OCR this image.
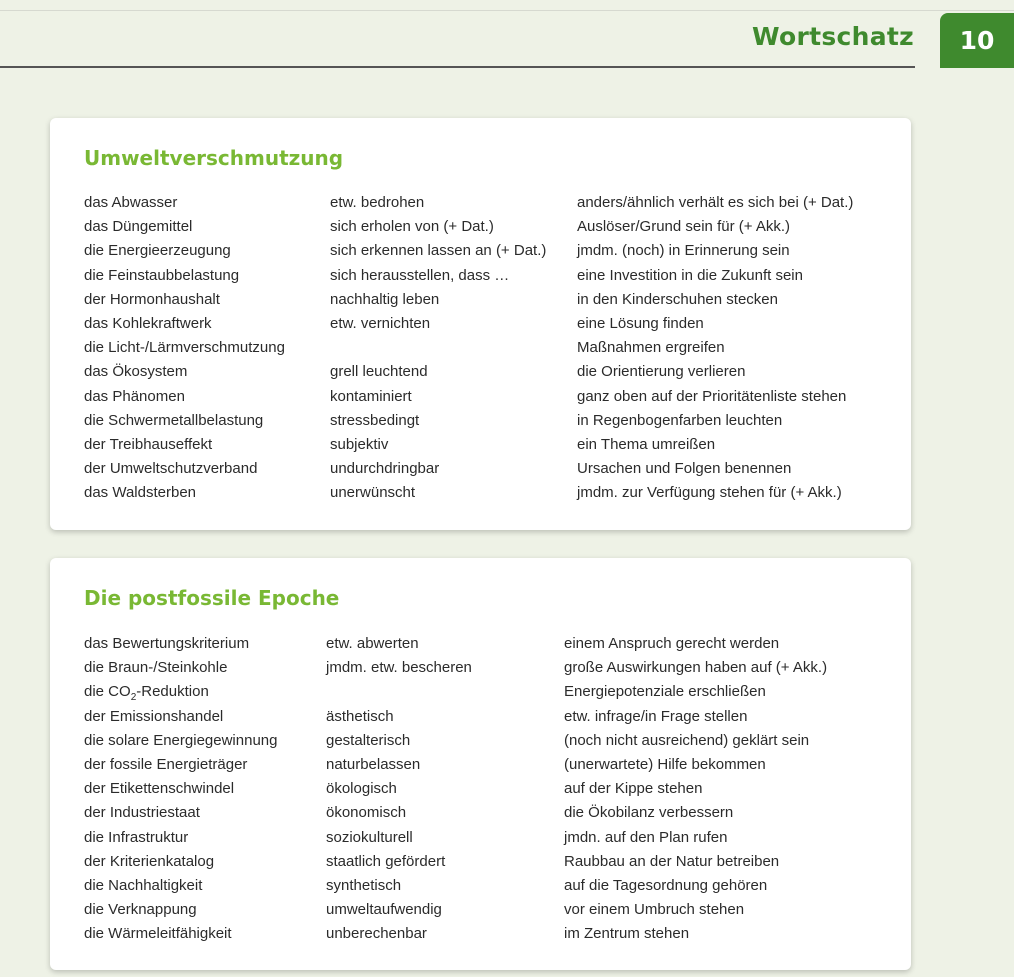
Wortschatz	10
Umweltverschmutzung
das Abwasser
das Düngemittel
die Energieerzeugung
die Feinstaubbelastung
der Hormonhaushalt
das Kohlekraftwerk
die Licht-/Lärmverschmutzung
das Ökosystem
das Phänomen
die Schwermetallbelastung
der Treibhauseffekt
der Umweltschutzverband
das Waldsterben
etw. bedrohen
sich erholen von (+ Dat.)
sich erkennen lassen an (+ Dat.)
sich herausstellen, dass …
nachhaltig leben
etw. vernichten
grell leuchtend
kontaminiert
stressbedingt
subjektiv
undurchdringbar
unerwünscht
anders/ähnlich verhält es sich bei (+ Dat.)
Auslöser/Grund sein für (+ Akk.)
jmdm. (noch) in Erinnerung sein
eine Investition in die Zukunft sein
in den Kinderschuhen stecken
eine Lösung finden
Maßnahmen ergreifen
die Orientierung verlieren
ganz oben auf der Prioritätenliste stehen
in Regenbogenfarben leuchten
ein Thema umreißen
Ursachen und Folgen benennen
jmdm. zur Verfügung stehen für (+ Akk.)
Die postfossile Epoche
das Bewertungskriterium
die Braun-/Steinkohle
die $CO_2$-Reduktion
der Emissionshandel
die solare Energiegewinnung
der fossile Energieträger
der Etikettenschwindel
der Industriestaat
die Infrastruktur
der Kriterienkatalog
die Nachhaltigkeit
die Verknappung
die Wärmeleitfähigkeit
etw. abwerten
jmdm. etw. bescheren
ästhetisch
gestalterisch
naturbelassen
ökologisch
ökonomisch
soziokulturell
staatlich gefördert
synthetisch
umweltaufwendig
unberechenbar
einem Anspruch gerecht werden
große Auswirkungen haben auf (+ Akk.)
Energiepotenziale erschließen
etw. infrage/in Frage stellen
(noch nicht ausreichend) geklärt sein
(unerwartete) Hilfe bekommen
auf der Kippe stehen
die Ökobilanz verbessern
jmdn. auf den Plan rufen
Raubbau an der Natur betreiben
auf die Tagesordnung gehören
vor einem Umbruch stehen
im Zentrum stehen
